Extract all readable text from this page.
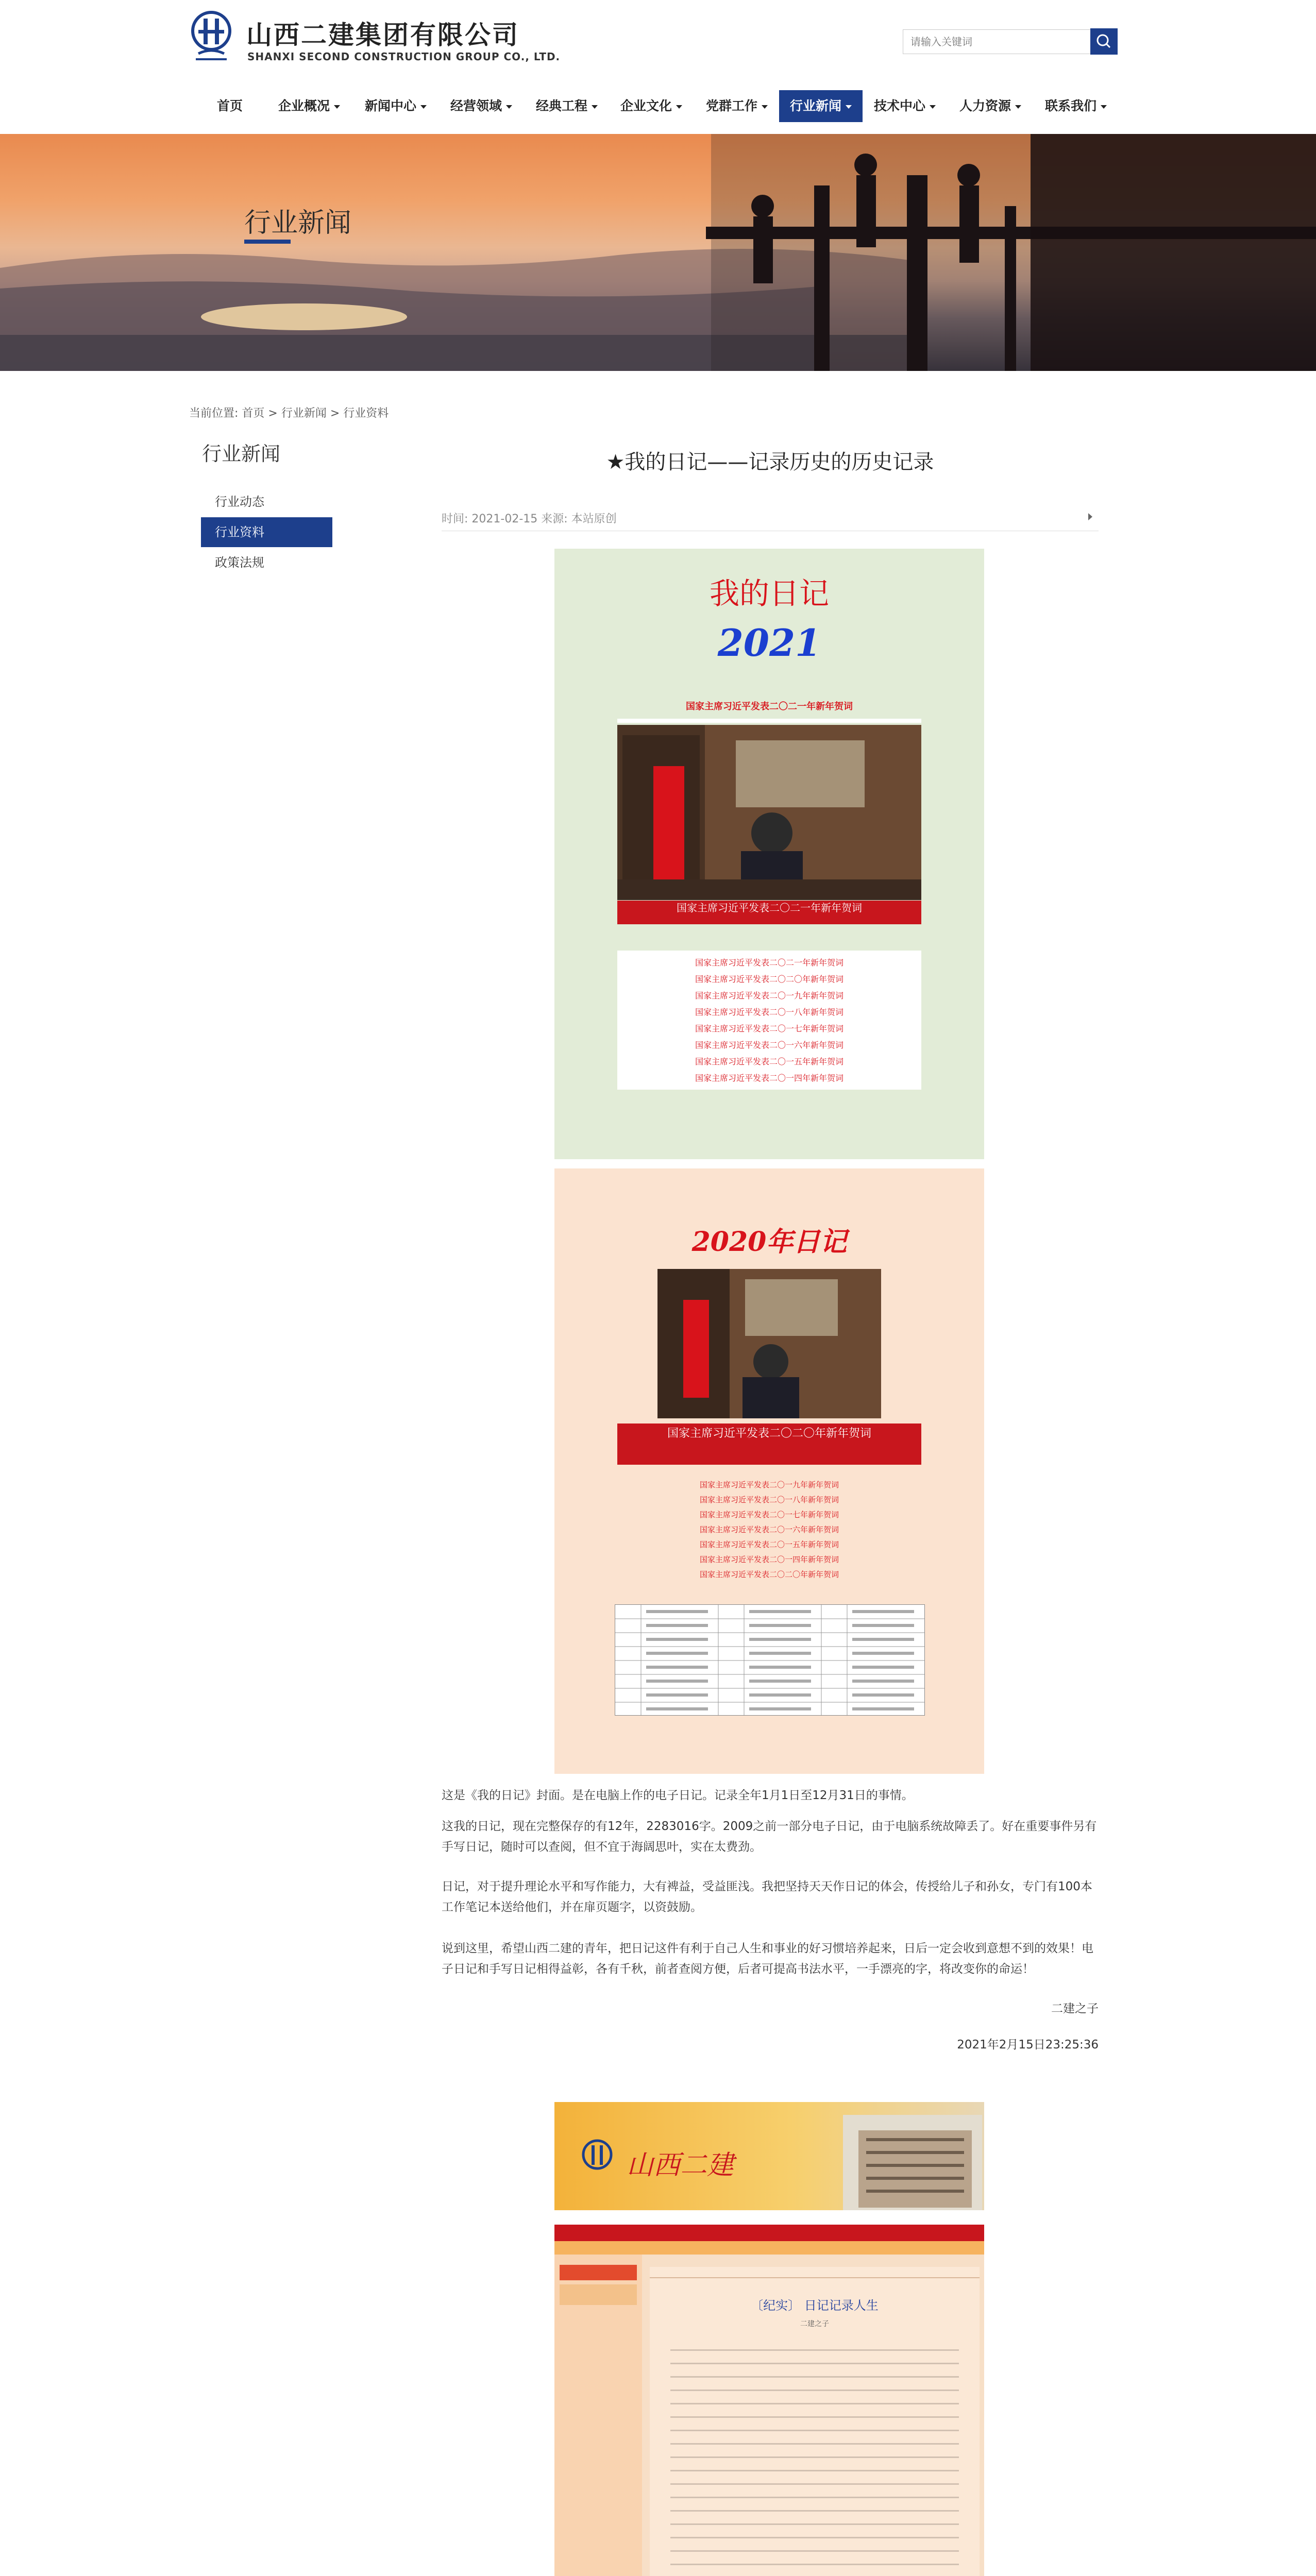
山西二建集团有限公司
SHANXI SECOND CONSTRUCTION GROUP CO., LTD.
请输入关键词
首页	企业概况	新闻中心	经营领域	经典工程	企业文化	党群工作	行业新闻	技术中心	人力资源	联系我们
行业新闻
当前位置: 首页 > 行业新闻 > 行业资料
行业新闻
行业动态
行业资料
政策法规
★我的日记——记录历史的历史记录
时间: 2021-02-15 来源: 本站原创
我的日记
2021
国家主席习近平发表二〇二一年新年贺词
国家主席习近平发表二〇二一年新年贺词
国家主席习近平发表二〇二一年新年贺词
国家主席习近平发表二〇二〇年新年贺词
国家主席习近平发表二〇一九年新年贺词
国家主席习近平发表二〇一八年新年贺词
国家主席习近平发表二〇一七年新年贺词
国家主席习近平发表二〇一六年新年贺词
国家主席习近平发表二〇一五年新年贺词
国家主席习近平发表二〇一四年新年贺词
2020年日记
国家主席习近平发表二〇二〇年新年贺词
国家主席习近平发表二〇一九年新年贺词
国家主席习近平发表二〇一八年新年贺词
国家主席习近平发表二〇一七年新年贺词
国家主席习近平发表二〇一六年新年贺词
国家主席习近平发表二〇一五年新年贺词
国家主席习近平发表二〇一四年新年贺词
国家主席习近平发表二〇二〇年新年贺词
这是《我的日记》封面。是在电脑上作的电子日记。记录全年1月1日至12月31日的事情。
这我的日记，现在完整保存的有12年，2283016字。2009之前一部分电子日记，由于电脑系统故障丢了。好在重要事件另有手写日记，随时可以查阅，但不宜于海阔思叶，实在太费劲。
日记，对于提升理论水平和写作能力，大有裨益，受益匪浅。我把坚持天天作日记的体会，传授给儿子和孙女，专门有100本工作笔记本送给他们，并在扉页题字，以资鼓励。
说到这里，希望山西二建的青年，把日记这件有利于自己人生和事业的好习惯培养起来，日后一定会收到意想不到的效果！电子日记和手写日记相得益彰，各有千秋，前者查阅方便，后者可提高书法水平，一手漂亮的字，将改变你的命运！
二建之子
2021年2月15日23:25:36
山西二建
〔纪实〕 日记记录人生
二建之子
